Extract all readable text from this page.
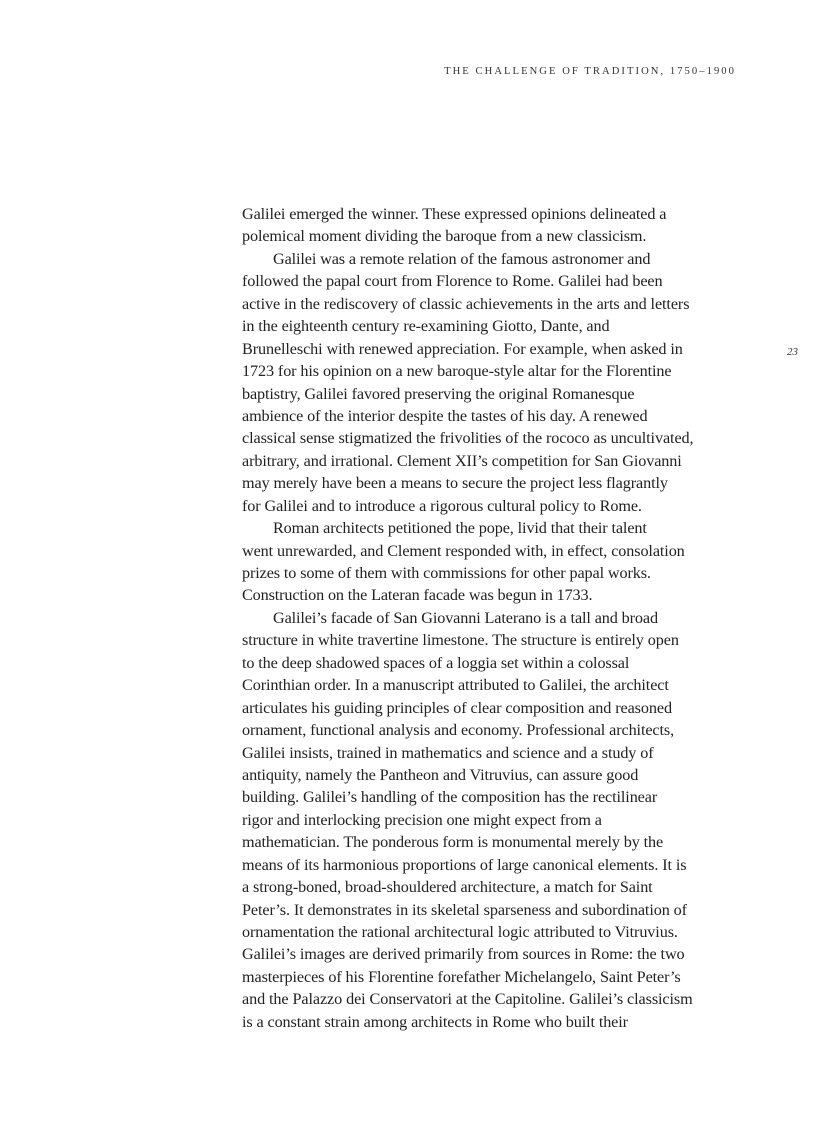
THE CHALLENGE OF TRADITION, 1750–1900
23
Galilei emerged the winner. These expressed opinions delineated a
polemical moment dividing the baroque from a new classicism.
Galilei was a remote relation of the famous astronomer and
followed the papal court from Florence to Rome. Galilei had been
active in the rediscovery of classic achievements in the arts and letters
in the eighteenth century re-examining Giotto, Dante, and
Brunelleschi with renewed appreciation. For example, when asked in
1723 for his opinion on a new baroque-style altar for the Florentine
baptistry, Galilei favored preserving the original Romanesque
ambience of the interior despite the tastes of his day. A renewed
classical sense stigmatized the frivolities of the rococo as uncultivated,
arbitrary, and irrational. Clement XII’s competition for San Giovanni
may merely have been a means to secure the project less flagrantly
for Galilei and to introduce a rigorous cultural policy to Rome.
Roman architects petitioned the pope, livid that their talent
went unrewarded, and Clement responded with, in effect, consolation
prizes to some of them with commissions for other papal works.
Construction on the Lateran facade was begun in 1733.
Galilei’s facade of San Giovanni Laterano is a tall and broad
structure in white travertine limestone. The structure is entirely open
to the deep shadowed spaces of a loggia set within a colossal
Corinthian order. In a manuscript attributed to Galilei, the architect
articulates his guiding principles of clear composition and reasoned
ornament, functional analysis and economy. Professional architects,
Galilei insists, trained in mathematics and science and a study of
antiquity, namely the Pantheon and Vitruvius, can assure good
building. Galilei’s handling of the composition has the rectilinear
rigor and interlocking precision one might expect from a
mathematician. The ponderous form is monumental merely by the
means of its harmonious proportions of large canonical elements. It is
a strong-boned, broad-shouldered architecture, a match for Saint
Peter’s. It demonstrates in its skeletal sparseness and subordination of
ornamentation the rational architectural logic attributed to Vitruvius.
Galilei’s images are derived primarily from sources in Rome: the two
masterpieces of his Florentine forefather Michelangelo, Saint Peter’s
and the Palazzo dei Conservatori at the Capitoline. Galilei’s classicism
is a constant strain among architects in Rome who built their
